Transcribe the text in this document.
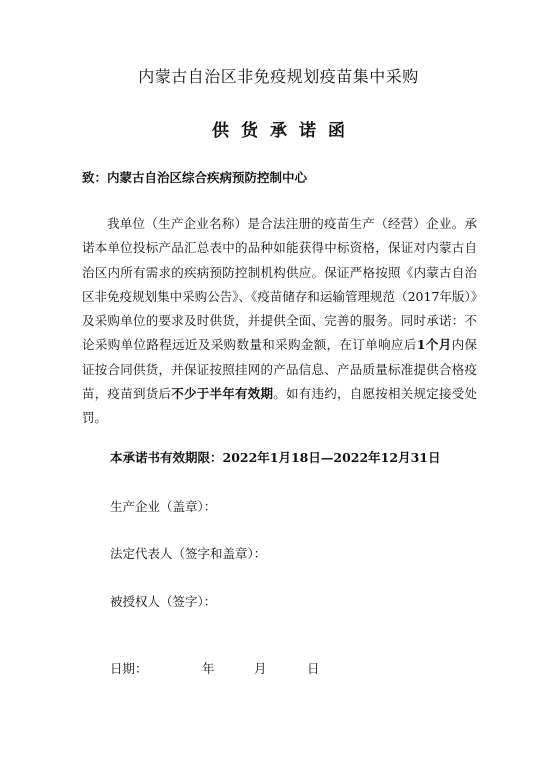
内蒙古自治区非免疫规划疫苗集中采购
供货承诺函
致：内蒙古自治区综合疾病预防控制中心

我单位（生产企业名称）是合法注册的疫苗生产（经营）企业。承诺本单位投标产品汇总表中的品种如能获得中标资格，保证对内蒙古自治区内所有需求的疾病预防控制机构供应。保证严格按照《内蒙古自治区非免疫规划集中采购公告》、《疫苗储存和运输管理规范（2017年版）》及采购单位的要求及时供货，并提供全面、完善的服务。同时承诺：不论采购单位路程远近及采购数量和采购金额，在订单响应后1个月内保证按合同供货，并保证按照挂网的产品信息、产品质量标准提供合格疫苗，疫苗到货后不少于半年有效期。如有违约，自愿按相关规定接受处罚。

本承诺书有效期限：2022年1月18日—2022年12月31日
生产企业（盖章）：
法定代表人（签字和盖章）：
被授权人（签字）：
日期：	年	月	日
